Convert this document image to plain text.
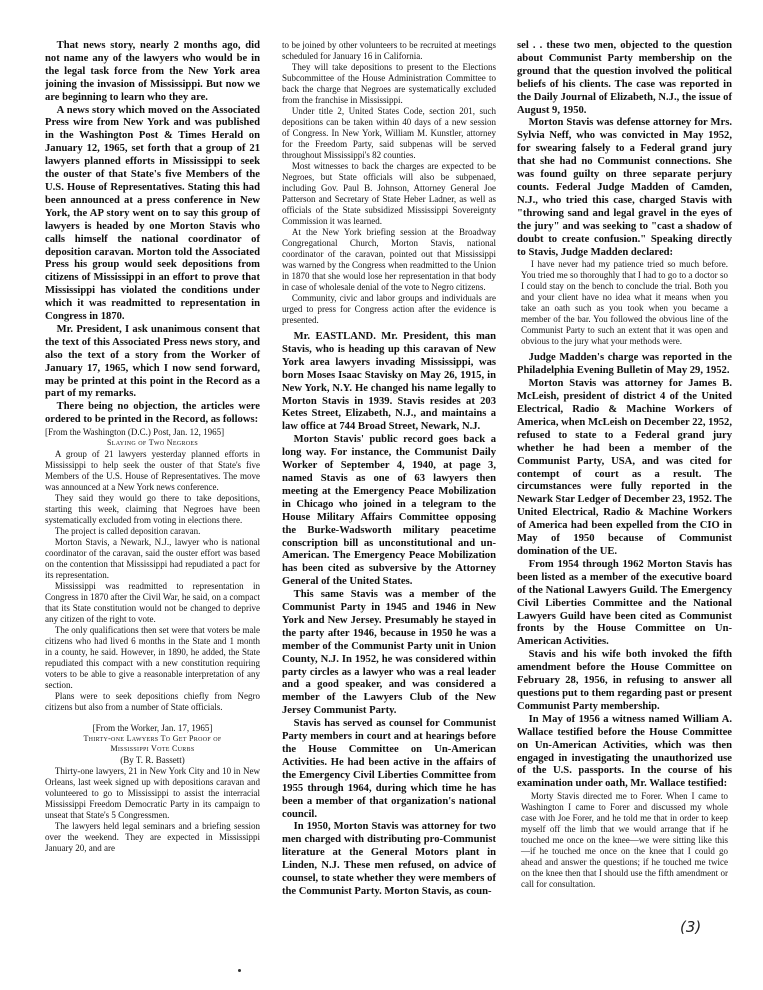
That news story, nearly 2 months ago, did not name any of the lawyers who would be in the legal task force from the New York area joining the invasion of Mississippi. But now we are beginning to learn who they are.

A news story which moved on the Associated Press wire from New York and was published in the Washington Post & Times Herald on January 12, 1965, set forth that a group of 21 lawyers planned efforts in Mississippi to seek the ouster of that State's five Members of the U.S. House of Representatives. Stating this had been announced at a press conference in New York, the AP story went on to say this group of lawyers is headed by one Morton Stavis who calls himself the national coordinator of deposition caravan. Morton told the Associated Press his group would seek depositions from citizens of Mississippi in an effort to prove that Mississippi has violated the conditions under which it was readmitted to representation in Congress in 1870.

Mr. President, I ask unanimous consent that the text of this Associated Press news story, and also the text of a story from the Worker of January 17, 1965, which I now send forward, may be printed at this point in the Record as a part of my remarks.

There being no objection, the articles were ordered to be printed in the Record, as follows:

[From the Washington (D.C.) Post, Jan. 12, 1965]

Slaying of Two Negroes

A group of 21 lawyers yesterday planned efforts in Mississippi to help seek the ouster of that State's five Members of the U.S. House of Representatives. The move was announced at a New York news conference.

They said they would go there to take depositions, starting this week, claiming that Negroes have been systematically excluded from voting in elections there.

The project is called deposition caravan.

Morton Stavis, a Newark, N.J., lawyer who is national coordinator of the caravan, said the ouster effort was based on the contention that Mississippi had repudiated a pact for its representation.

Mississippi was readmitted to representation in Congress in 1870 after the Civil War, he said, on a compact that its State constitution would not be changed to deprive any citizen of the right to vote.

The only qualifications then set were that voters be male citizens who had lived 6 months in the State and 1 month in a county, he said. However, in 1890, he added, the State repudiated this compact with a new constitution requiring voters to be able to give a reasonable interpretation of any section.

Plans were to seek depositions chiefly from Negro citizens but also from a number of State officials.

[From the Worker, Jan. 17, 1965]

Thirty-one Lawyers To Get Proof of

Mississippi Vote Curbs

(By T. R. Bassett)

Thirty-one lawyers, 21 in New York City and 10 in New Orleans, last week signed up with depositions caravan and volunteered to go to Mississippi to assist the interracial Mississippi Freedom Democratic Party in its campaign to unseat that State's 5 Congressmen.

The lawyers held legal seminars and a briefing session over the weekend. They are expected in Mississippi January 20, and are

to be joined by other volunteers to be recruited at meetings scheduled for January 16 in California.

They will take depositions to present to the Elections Subcommittee of the House Administration Committee to back the charge that Negroes are systematically excluded from the franchise in Mississippi.

Under title 2, United States Code, section 201, such depositions can be taken within 40 days of a new session of Congress. In New York, William M. Kunstler, attorney for the Freedom Party, said subpenas will be served throughout Mississippi's 82 counties.

Most witnesses to back the charges are expected to be Negroes, but State officials will also be subpenaed, including Gov. Paul B. Johnson, Attorney General Joe Patterson and Secretary of State Heber Ladner, as well as officials of the State subsidized Mississippi Sovereignty Commission it was learned.

At the New York briefing session at the Broadway Congregational Church, Morton Stavis, national coordinator of the caravan, pointed out that Mississippi was warned by the Congress when readmitted to the Union in 1870 that she would lose her representation in that body in case of wholesale denial of the vote to Negro citizens.

Community, civic and labor groups and individuals are urged to press for Congress action after the evidence is presented.

Mr. EASTLAND. Mr. President, this man Stavis, who is heading up this caravan of New York area lawyers invading Mississippi, was born Moses Isaac Stavisky on May 26, 1915, in New York, N.Y. He changed his name legally to Morton Stavis in 1939. Stavis resides at 203 Ketes Street, Elizabeth, N.J., and maintains a law office at 744 Broad Street, Newark, N.J.

Morton Stavis' public record goes back a long way. For instance, the Communist Daily Worker of September 4, 1940, at page 3, named Stavis as one of 63 lawyers then meeting at the Emergency Peace Mobilization in Chicago who joined in a telegram to the House Military Affairs Committee opposing the Burke-Wadsworth military peacetime conscription bill as unconstitutional and un-American. The Emergency Peace Mobilization has been cited as subversive by the Attorney General of the United States.

This same Stavis was a member of the Communist Party in 1945 and 1946 in New York and New Jersey. Presumably he stayed in the party after 1946, because in 1950 he was a member of the Communist Party unit in Union County, N.J. In 1952, he was considered within party circles as a lawyer who was a real leader and a good speaker, and was considered a member of the Lawyers Club of the New Jersey Communist Party.

Stavis has served as counsel for Communist Party members in court and at hearings before the House Committee on Un-American Activities. He had been active in the affairs of the Emergency Civil Liberties Committee from 1955 through 1964, during which time he has been a member of that organization's national council.

In 1950, Morton Stavis was attorney for two men charged with distributing pro-Communist literature at the General Motors plant in Linden, N.J. These men refused, on advice of counsel, to state whether they were members of the Communist Party. Morton Stavis, as coun-

sel . . these two men, objected to the question about Communist Party membership on the ground that the question involved the political beliefs of his clients. The case was reported in the Daily Journal of Elizabeth, N.J., the issue of August 9, 1950.

Morton Stavis was defense attorney for Mrs. Sylvia Neff, who was convicted in May 1952, for swearing falsely to a Federal grand jury that she had no Communist connections. She was found guilty on three separate perjury counts. Federal Judge Madden of Camden, N.J., who tried this case, charged Stavis with "throwing sand and legal gravel in the eyes of the jury" and was seeking to "cast a shadow of doubt to create confusion." Speaking directly to Stavis, Judge Madden declared:

I have never had my patience tried so much before. You tried me so thoroughly that I had to go to a doctor so I could stay on the bench to conclude the trial. Both you and your client have no idea what it means when you take an oath such as you took when you became a member of the bar. You followed the obvious line of the Communist Party to such an extent that it was open and obvious to the jury what your methods were.

Judge Madden's charge was reported in the Philadelphia Evening Bulletin of May 29, 1952.

Morton Stavis was attorney for James B. McLeish, president of district 4 of the United Electrical, Radio & Machine Workers of America, when McLeish on December 22, 1952, refused to state to a Federal grand jury whether he had been a member of the Communist Party, USA, and was cited for contempt of court as a result. The circumstances were fully reported in the Newark Star Ledger of December 23, 1952. The United Electrical, Radio & Machine Workers of America had been expelled from the CIO in May of 1950 because of Communist domination of the UE.

From 1954 through 1962 Morton Stavis has been listed as a member of the executive board of the National Lawyers Guild. The Emergency Civil Liberties Committee and the National Lawyers Guild have been cited as Communist fronts by the House Committee on Un-American Activities.

Stavis and his wife both invoked the fifth amendment before the House Committee on February 28, 1956, in refusing to answer all questions put to them regarding past or present Communist Party membership.

In May of 1956 a witness named William A. Wallace testified before the House Committee on Un-American Activities, which was then engaged in investigating the unauthorized use of the U.S. passports. In the course of his examination under oath, Mr. Wallace testified:

Morty Stavis directed me to Forer. When I came to Washington I came to Forer and discussed my whole case with Joe Forer, and he told me that in order to keep myself off the limb that we would arrange that if he touched me once on the knee—we were sitting like this—if he touched me once on the knee that I could go ahead and answer the questions; if he touched me twice on the knee then that I should use the fifth amendment or call for consultation.

(3)
